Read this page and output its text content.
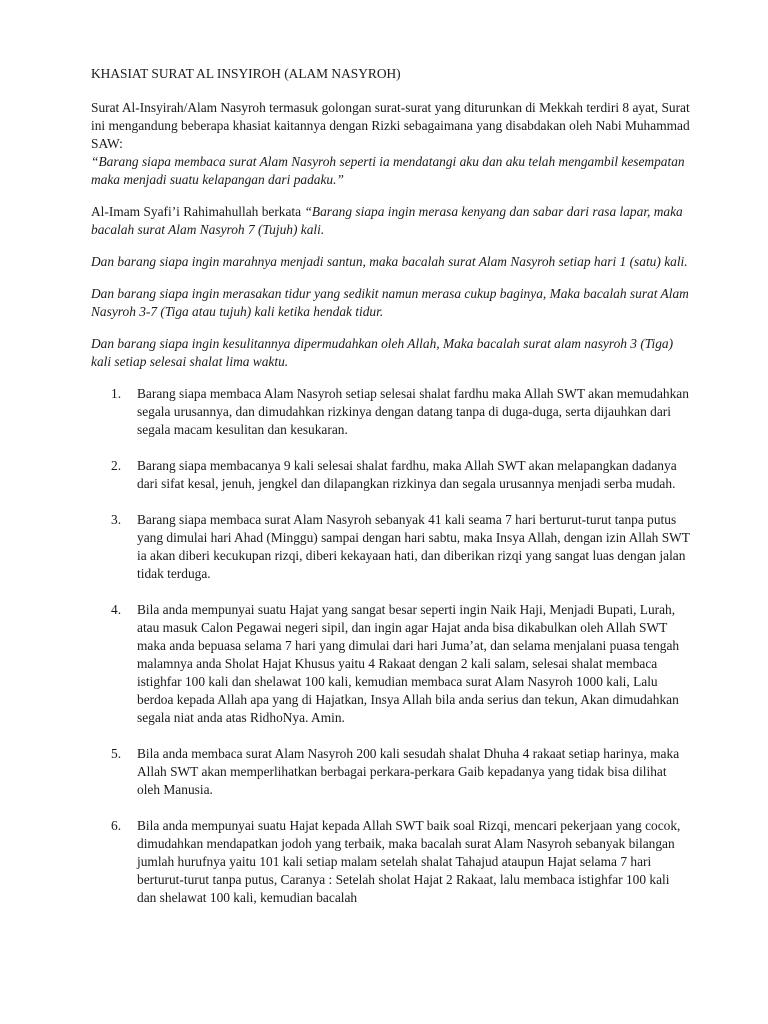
KHASIAT SURAT AL INSYIROH (ALAM NASYROH)

Surat Al-Insyirah/Alam Nasyroh termasuk golongan surat-surat yang diturunkan di Mekkah terdiri 8 ayat, Surat ini mengandung beberapa khasiat kaitannya dengan Rizki sebagaimana yang disabdakan oleh Nabi Muhammad SAW:
“Barang siapa membaca surat Alam Nasyroh seperti ia mendatangi aku dan aku telah mengambil kesempatan maka menjadi suatu kelapangan dari padaku.”

Al-Imam Syafi’i Rahimahullah berkata “Barang siapa ingin merasa kenyang dan sabar dari rasa lapar, maka bacalah surat Alam Nasyroh 7 (Tujuh) kali.

Dan barang siapa ingin marahnya menjadi santun, maka bacalah surat Alam Nasyroh setiap hari 1 (satu) kali.

Dan barang siapa ingin merasakan tidur yang sedikit namun merasa cukup baginya, Maka bacalah surat Alam Nasyroh 3-7 (Tiga atau tujuh) kali ketika hendak tidur.

Dan barang siapa ingin kesulitannya dipermudahkan oleh Allah, Maka bacalah surat alam nasyroh 3 (Tiga) kali setiap selesai shalat lima waktu.

1. Barang siapa membaca Alam Nasyroh setiap selesai shalat fardhu maka Allah SWT akan memudahkan segala urusannya, dan dimudahkan rizkinya dengan datang tanpa di duga-duga, serta dijauhkan dari segala macam kesulitan dan kesukaran.
2. Barang siapa membacanya 9 kali selesai shalat fardhu, maka Allah SWT akan melapangkan dadanya dari sifat kesal, jenuh, jengkel dan dilapangkan rizkinya dan segala urusannya menjadi serba mudah.
3. Barang siapa membaca surat Alam Nasyroh sebanyak 41 kali seama 7 hari berturut-turut tanpa putus yang dimulai hari Ahad (Minggu) sampai dengan hari sabtu, maka Insya Allah, dengan izin Allah SWT ia akan diberi kecukupan rizqi, diberi kekayaan hati, dan diberikan rizqi yang sangat luas dengan jalan tidak terduga.
4. Bila anda mempunyai suatu Hajat yang sangat besar seperti ingin Naik Haji, Menjadi Bupati, Lurah, atau masuk Calon Pegawai negeri sipil, dan ingin agar Hajat anda bisa dikabulkan oleh Allah SWT maka anda bepuasa selama 7 hari yang dimulai dari hari Juma’at, dan selama menjalani puasa tengah malamnya anda Sholat Hajat Khusus yaitu 4 Rakaat dengan 2 kali salam, selesai shalat membaca istighfar 100 kali dan shelawat 100 kali, kemudian membaca surat Alam Nasyroh 1000 kali, Lalu berdoa kepada Allah apa yang di Hajatkan, Insya Allah bila anda serius dan tekun, Akan dimudahkan segala niat anda atas RidhoNya. Amin.
5. Bila anda membaca surat Alam Nasyroh 200 kali sesudah shalat Dhuha 4 rakaat setiap harinya, maka Allah SWT akan memperlihatkan berbagai perkara-perkara Gaib kepadanya yang tidak bisa dilihat oleh Manusia.
6. Bila anda mempunyai suatu Hajat kepada Allah SWT baik soal Rizqi, mencari pekerjaan yang cocok, dimudahkan mendapatkan jodoh yang terbaik, maka bacalah surat Alam Nasyroh sebanyak bilangan jumlah hurufnya yaitu 101 kali setiap malam setelah shalat Tahajud ataupun Hajat selama 7 hari berturut-turut tanpa putus, Caranya : Setelah sholat Hajat 2 Rakaat, lalu membaca istighfar 100 kali dan shelawat 100 kali, kemudian bacalah
